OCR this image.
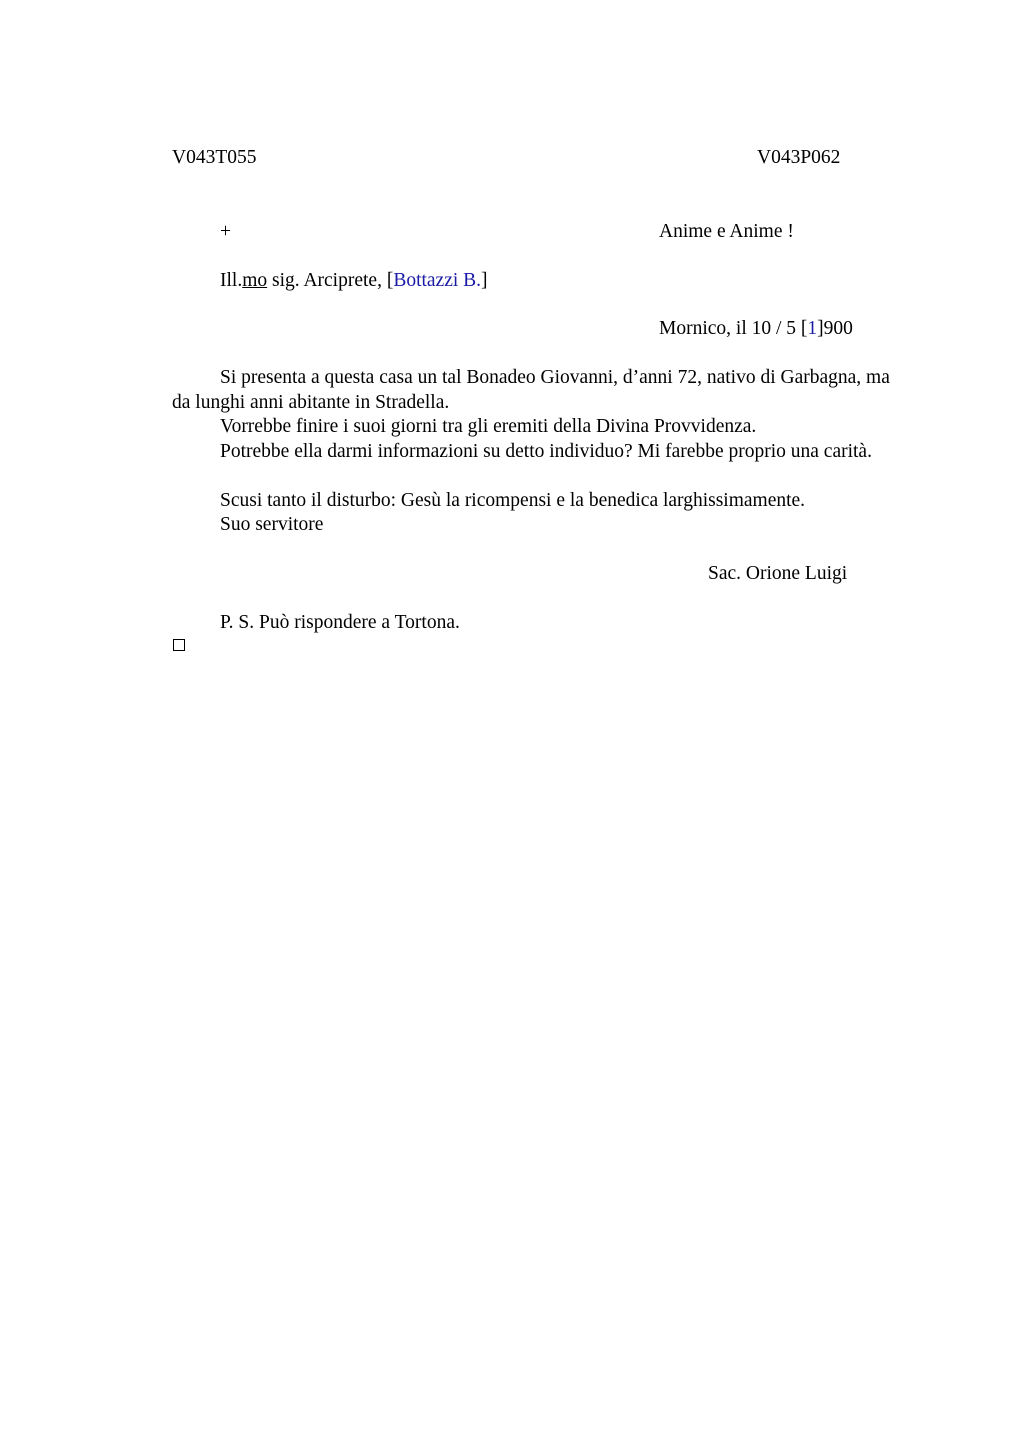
V043T055	V043P062
+	Anime e Anime !
Ill.mo sig. Arciprete, [Bottazzi B.]
Mornico, il 10 / 5 [1]900
Si presenta a questa casa un tal Bonadeo Giovanni, d’anni 72, nativo di Garbagna, ma da lunghi anni abitante in Stradella.
Vorrebbe finire i suoi giorni tra gli eremiti della Divina Provvidenza.
Potrebbe ella darmi informazioni su detto individuo? Mi farebbe proprio una carità.
Scusi tanto il disturbo: Gesù la ricompensi e la benedica larghissimamente.
Suo servitore
Sac. Orione Luigi
P. S. Può rispondere a Tortona.
